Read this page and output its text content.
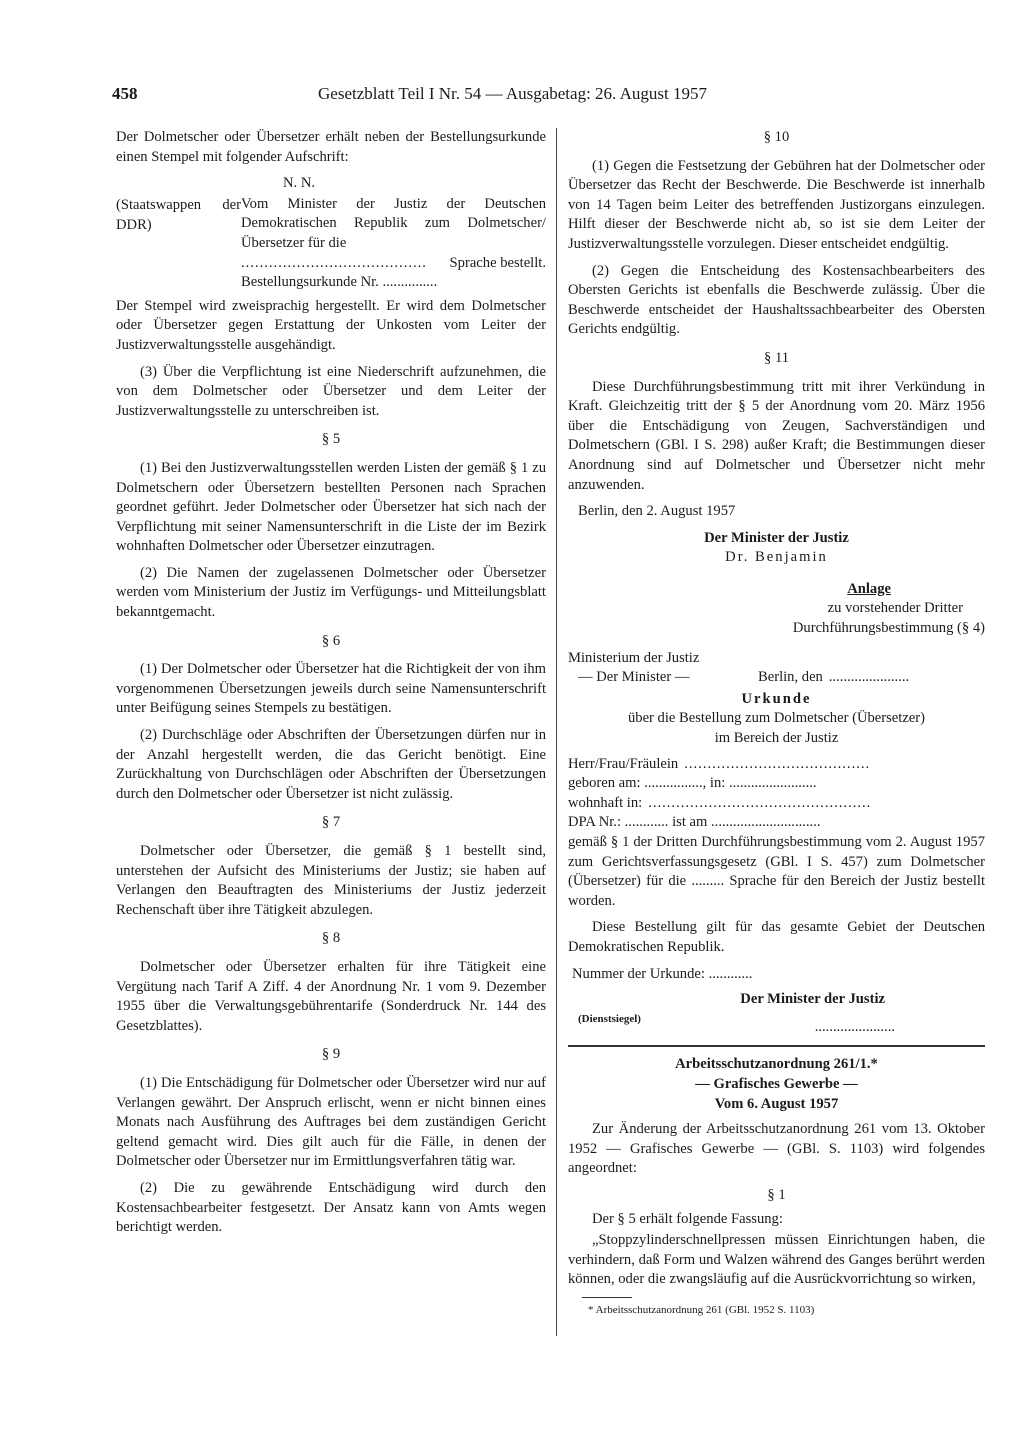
458	Gesetzblatt Teil I Nr. 54 — Ausgabetag: 26. August 1957

Der Dolmetscher oder Übersetzer erhält neben der Bestellungsurkunde einen Stempel mit folgender Aufschrift:

(Staatswappen der DDR)
N. N.
Vom Minister der Justiz der Deutschen Demokratischen Republik zum Dolmetscher/Übersetzer für die
........................................	Sprache bestellt.
Bestellungsurkunde Nr. ...............

Der Stempel wird zweisprachig hergestellt. Er wird dem Dolmetscher oder Übersetzer gegen Erstattung der Unkosten vom Leiter der Justizverwaltungsstelle ausgehändigt.

(3) Über die Verpflichtung ist eine Niederschrift aufzunehmen, die von dem Dolmetscher oder Übersetzer und dem Leiter der Justizverwaltungsstelle zu unterschreiben ist.

§ 5

(1) Bei den Justizverwaltungsstellen werden Listen der gemäß § 1 zu Dolmetschern oder Übersetzern bestellten Personen nach Sprachen geordnet geführt. Jeder Dolmetscher oder Übersetzer hat sich nach der Verpflichtung mit seiner Namensunterschrift in die Liste der im Bezirk wohnhaften Dolmetscher oder Übersetzer einzutragen.

(2) Die Namen der zugelassenen Dolmetscher oder Übersetzer werden vom Ministerium der Justiz im Verfügungs- und Mitteilungsblatt bekanntgemacht.

§ 6

(1) Der Dolmetscher oder Übersetzer hat die Richtigkeit der von ihm vorgenommenen Übersetzungen jeweils durch seine Namensunterschrift unter Beifügung seines Stempels zu bestätigen.

(2) Durchschläge oder Abschriften der Übersetzungen dürfen nur in der Anzahl hergestellt werden, die das Gericht benötigt. Eine Zurückhaltung von Durchschlägen oder Abschriften der Übersetzungen durch den Dolmetscher oder Übersetzer ist nicht zulässig.

§ 7

Dolmetscher oder Übersetzer, die gemäß § 1 bestellt sind, unterstehen der Aufsicht des Ministeriums der Justiz; sie haben auf Verlangen den Beauftragten des Ministeriums der Justiz jederzeit Rechenschaft über ihre Tätigkeit abzulegen.

§ 8

Dolmetscher oder Übersetzer erhalten für ihre Tätigkeit eine Vergütung nach Tarif A Ziff. 4 der Anordnung Nr. 1 vom 9. Dezember 1955 über die Verwaltungsgebührentarife (Sonderdruck Nr. 144 des Gesetzblattes).

§ 9

(1) Die Entschädigung für Dolmetscher oder Übersetzer wird nur auf Verlangen gewährt. Der Anspruch erlischt, wenn er nicht binnen eines Monats nach Ausführung des Auftrages bei dem zuständigen Gericht geltend gemacht wird. Dies gilt auch für die Fälle, in denen der Dolmetscher oder Übersetzer nur im Ermittlungsverfahren tätig war.

(2) Die zu gewährende Entschädigung wird durch den Kostensachbearbeiter festgesetzt. Der Ansatz kann von Amts wegen berichtigt werden.

§ 10

(1) Gegen die Festsetzung der Gebühren hat der Dolmetscher oder Übersetzer das Recht der Beschwerde. Die Beschwerde ist innerhalb von 14 Tagen beim Leiter des betreffenden Justizorgans einzulegen. Hilft dieser der Beschwerde nicht ab, so ist sie dem Leiter der Justizverwaltungsstelle vorzulegen. Dieser entscheidet endgültig.

(2) Gegen die Entscheidung des Kostensachbearbeiters des Obersten Gerichts ist ebenfalls die Beschwerde zulässig. Über die Beschwerde entscheidet der Haushaltssachbearbeiter des Obersten Gerichts endgültig.

§ 11

Diese Durchführungsbestimmung tritt mit ihrer Verkündung in Kraft. Gleichzeitig tritt der § 5 der Anordnung vom 20. März 1956 über die Entschädigung von Zeugen, Sachverständigen und Dolmetschern (GBl. I S. 298) außer Kraft; die Bestimmungen dieser Anordnung sind auf Dolmetscher und Übersetzer nicht mehr anzuwenden.

Berlin, den 2. August 1957

Der Minister der Justiz
Dr. Benjamin
Anlage
zu vorstehender Dritter
Durchführungsbestimmung (§ 4)
Ministerium der Justiz
— Der Minister —	Berlin, den ......................
Urkunde
über die Bestellung zum Dolmetscher (Übersetzer)
im Bereich der Justiz
Herr/Frau/Fräulein ........................................
geboren am: ................, in: ........................
wohnhaft in: ................................................
DPA Nr.: ............ ist am ..............................

gemäß § 1 der Dritten Durchführungsbestimmung vom 2. August 1957 zum Gerichtsverfassungsgesetz (GBl. I S. 457) zum Dolmetscher (Übersetzer) für die ......... Sprache für den Bereich der Justiz bestellt worden.

Diese Bestellung gilt für das gesamte Gebiet der Deutschen Demokratischen Republik.

Nummer der Urkunde: ............
Der Minister der Justiz
(Dienstsiegel)	......................
Arbeitsschutzanordnung 261/1.*
— Grafisches Gewerbe —
Vom 6. August 1957

Zur Änderung der Arbeitsschutzanordnung 261 vom 13. Oktober 1952 — Grafisches Gewerbe — (GBl. S. 1103) wird folgendes angeordnet:

§ 1

Der § 5 erhält folgende Fassung:

„Stoppzylinderschnellpressen müssen Einrichtungen haben, die verhindern, daß Form und Walzen während des Ganges berührt werden können, oder die zwangsläufig auf die Ausrückvorrichtung so wirken,

* Arbeitsschutzanordnung 261 (GBl. 1952 S. 1103)
